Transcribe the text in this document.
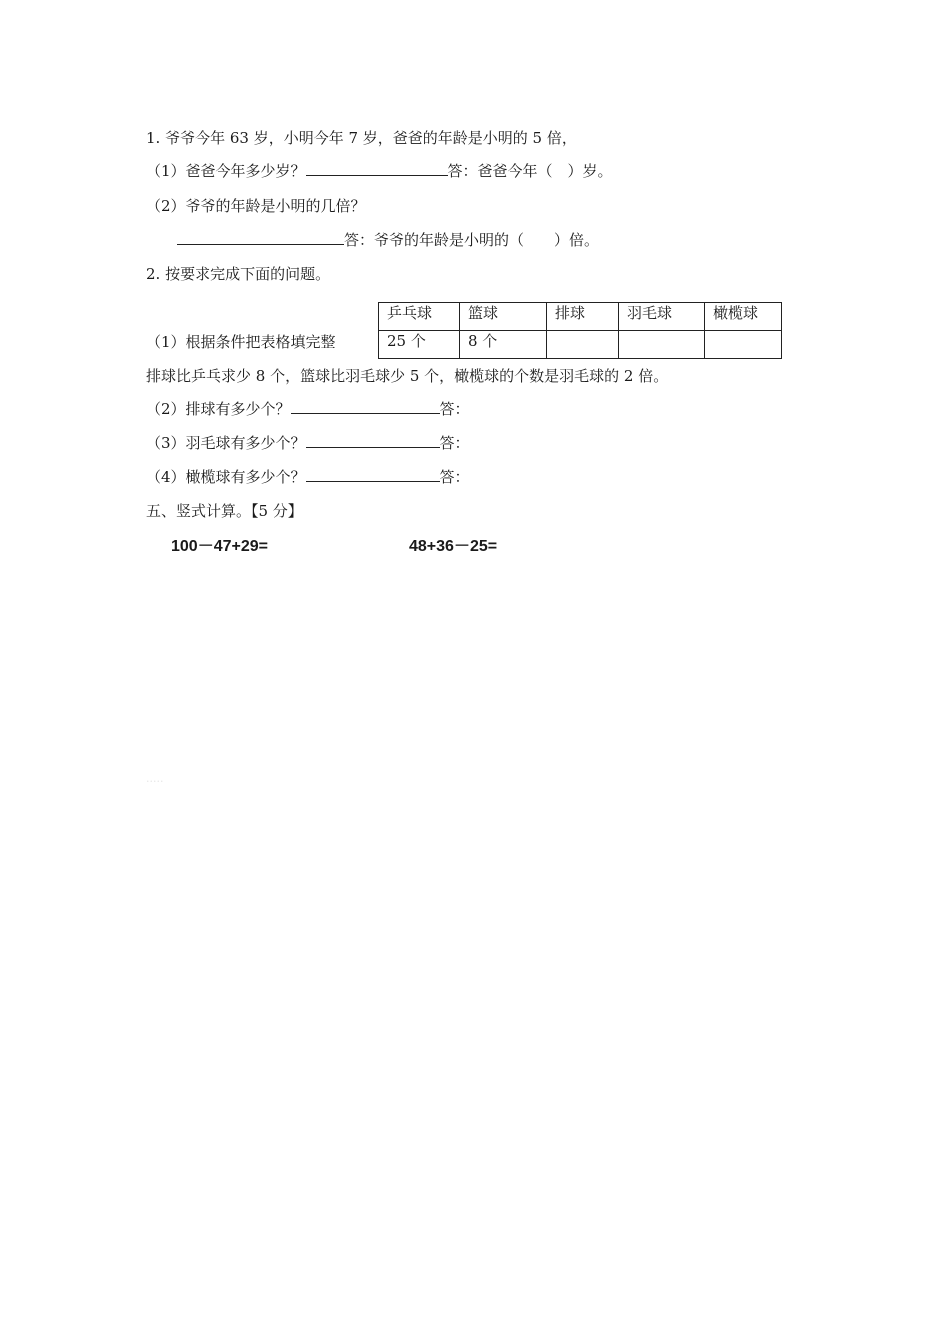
1. 爷爷今年 63 岁，小明今年 7 岁，爸爸的年龄是小明的 5 倍，
（1）爸爸今年多少岁？	答：爸爸今年（　）岁。
（2）爷爷的年龄是小明的几倍？
答：爷爷的年龄是小明的（　　）倍。
2. 按要求完成下面的问题。
（1）根据条件把表格填完整
乒乓球	篮球	排球	羽毛球	橄榄球
25 个	8 个			
排球比乒乓求少 8 个，篮球比羽毛球少 5 个，橄榄球的个数是羽毛球的 2 倍。
（2）排球有多少个？	答：
（3）羽毛球有多少个？	答：
（4）橄榄球有多少个？	答：
五、竖式计算。【5 分】
100－47+29=	48+36－25=
·····
